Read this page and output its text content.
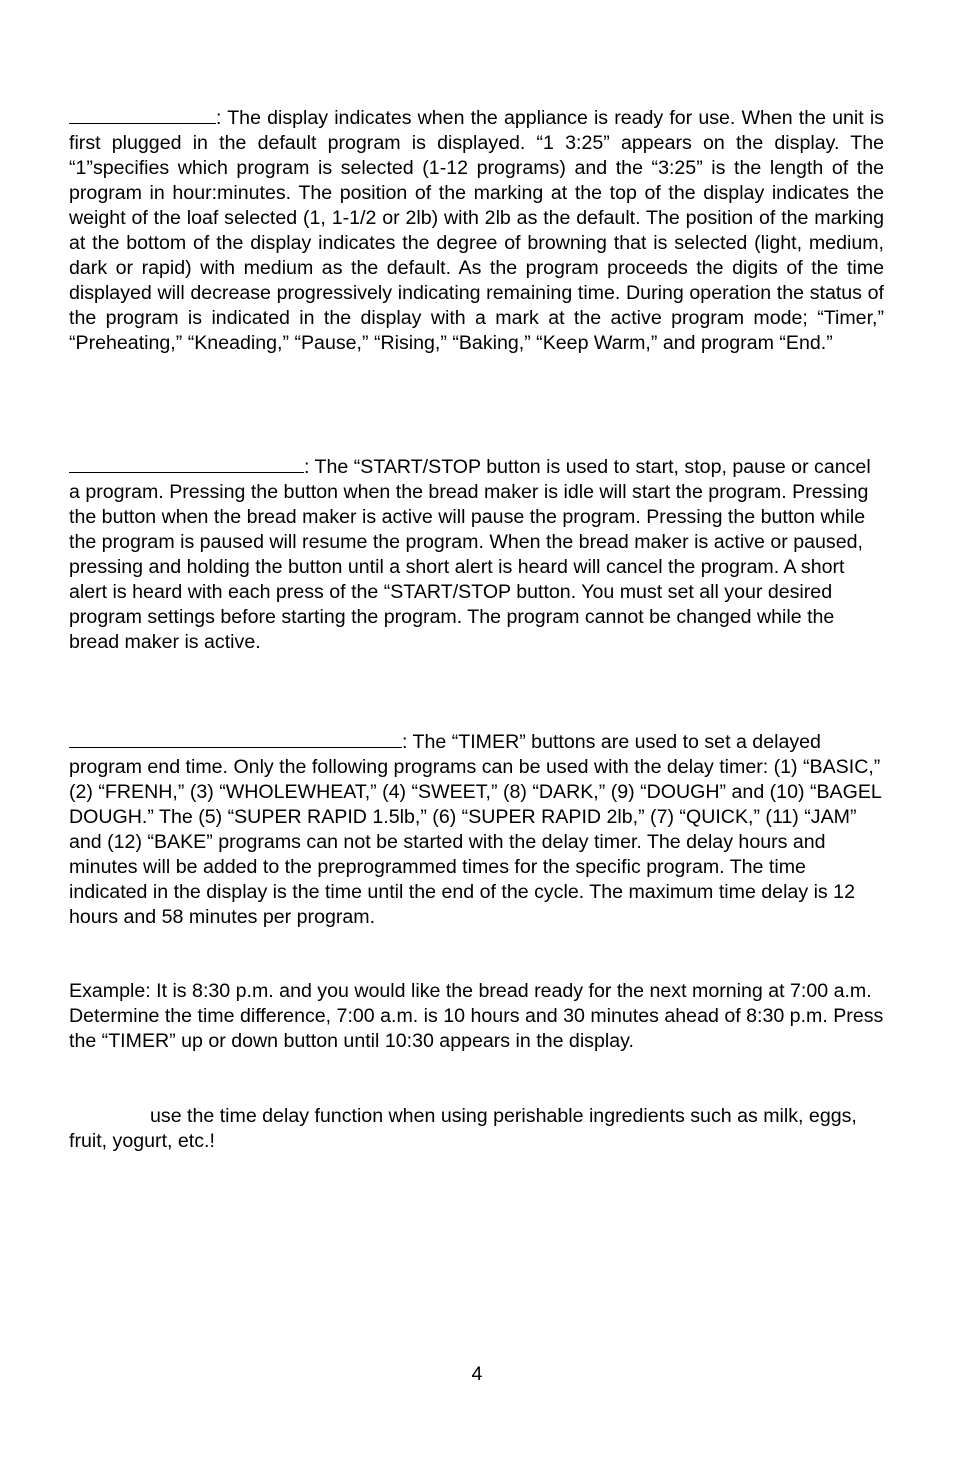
: The display indicates when the appliance is ready for use. When the unit is first plugged in the default program is displayed. “1 3:25” appears on the display. The “1”specifies which program is selected (1-12 programs) and the “3:25” is the length of the program in hour:minutes. The position of the marking at the top of the display indicates the weight of the loaf selected (1, 1-1/2 or 2lb) with 2lb as the default. The position of the marking at the bottom of the display indicates the degree of browning that is selected (light, medium, dark or rapid) with medium as the default. As the program proceeds the digits of the time displayed will decrease progressively indicating remaining time. During operation the status of the program is indicated in the display with a mark at the active program mode; “Timer,” “Preheating,” “Kneading,” “Pause,” “Rising,” “Baking,” “Keep Warm,” and program “End.”

: The “START/STOP button is used to start, stop, pause or cancel a program. Pressing the button when the bread maker is idle will start the program. Pressing the button when the bread maker is active will pause the program. Pressing the button while the program is paused will resume the program. When the bread maker is active or paused, pressing and holding the button until a short alert is heard will cancel the program. A short alert is heard with each press of the “START/STOP button. You must set all your desired program settings before starting the program. The program cannot be changed while the bread maker is active.

: The “TIMER” buttons are used to set a delayed program end time. Only the following programs can be used with the delay timer: (1) “BASIC,” (2) “FRENH,” (3) “WHOLEWHEAT,” (4) “SWEET,” (8) “DARK,” (9) “DOUGH” and (10) “BAGEL DOUGH.” The (5) “SUPER RAPID 1.5lb,” (6) “SUPER RAPID 2lb,” (7) “QUICK,” (11) “JAM” and (12) “BAKE” programs can not be started with the delay timer. The delay hours and minutes will be added to the preprogrammed times for the specific program. The time indicated in the display is the time until the end of the cycle. The maximum time delay is 12 hours and 58 minutes per program.

Example: It is 8:30 p.m. and you would like the bread ready for the next morning at 7:00 a.m. Determine the time difference, 7:00 a.m. is 10 hours and 30 minutes ahead of 8:30 p.m. Press the “TIMER” up or down button until 10:30 appears in the display.

use the time delay function when using perishable ingredients such as milk, eggs, fruit, yogurt, etc.!

4
